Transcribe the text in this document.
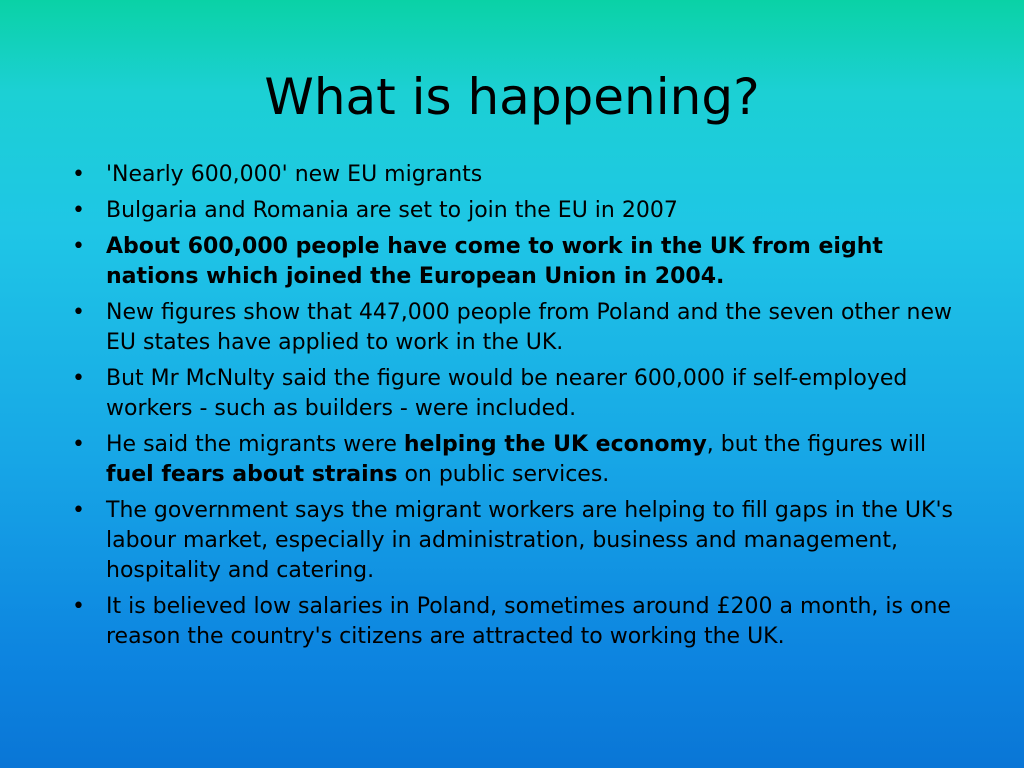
What is happening?
• 'Nearly 600,000' new EU migrants
• Bulgaria and Romania are set to join the EU in 2007
• About 600,000 people have come to work in the UK from eight nations which joined the European Union in 2004.
• New figures show that 447,000 people from Poland and the seven other new EU states have applied to work in the UK.
• But Mr McNulty said the figure would be nearer 600,000 if self-employed workers - such as builders - were included.
• He said the migrants were helping the UK economy, but the figures will fuel fears about strains on public services.
• The government says the migrant workers are helping to fill gaps in the UK's labour market, especially in administration, business and management, hospitality and catering.
• It is believed low salaries in Poland, sometimes around £200 a month, is one reason the country's citizens are attracted to working the UK.
